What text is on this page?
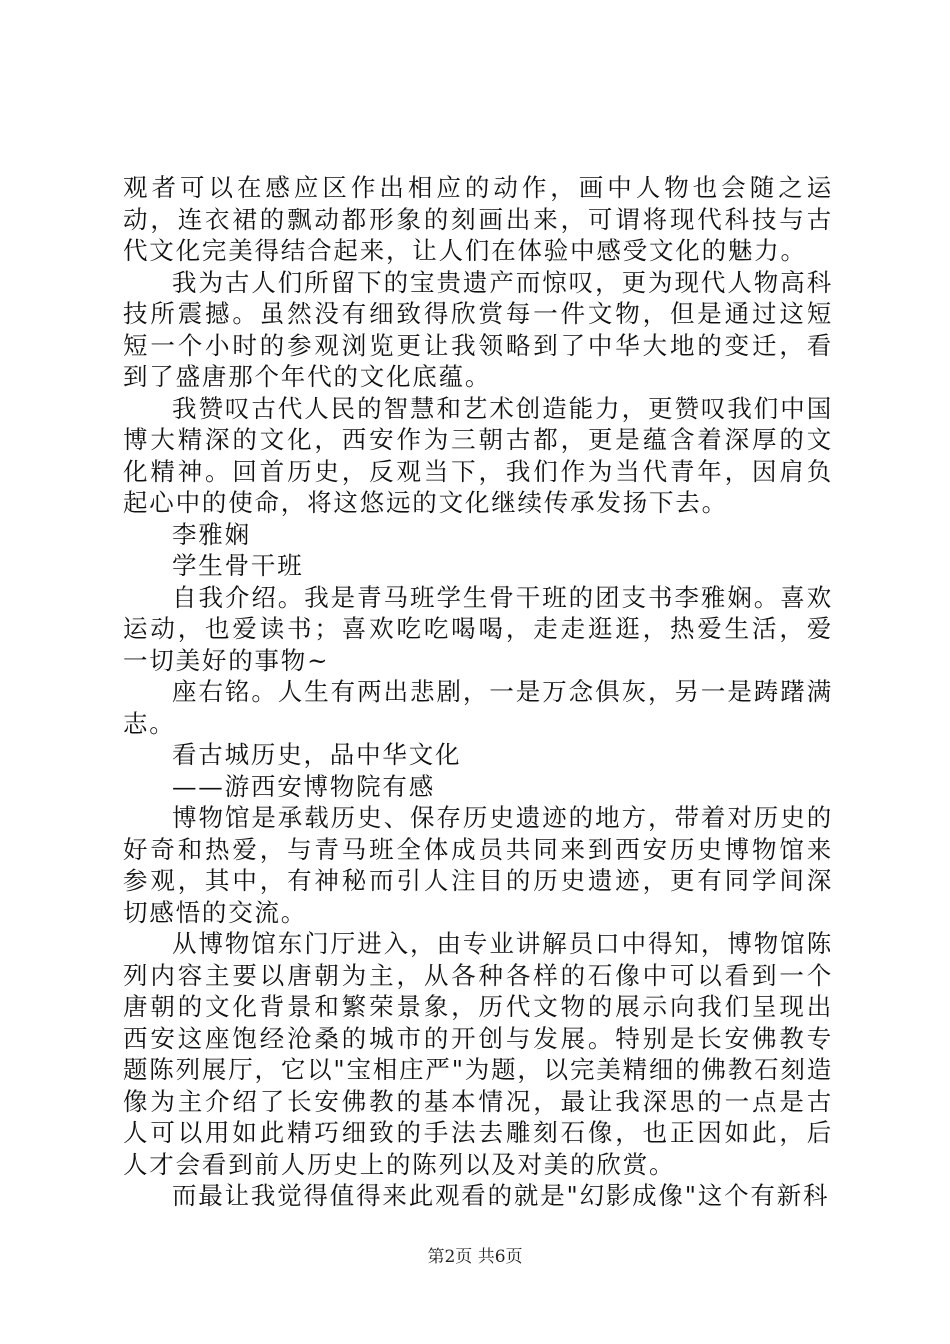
观者可以在感应区作出相应的动作，画中人物也会随之运动，连衣裙的飘动都形象的刻画出来，可谓将现代科技与古代文化完美得结合起来，让人们在体验中感受文化的魅力。

我为古人们所留下的宝贵遗产而惊叹，更为现代人物高科技所震撼。虽然没有细致得欣赏每一件文物，但是通过这短短一个小时的参观浏览更让我领略到了中华大地的变迁，看到了盛唐那个年代的文化底蕴。

我赞叹古代人民的智慧和艺术创造能力，更赞叹我们中国博大精深的文化，西安作为三朝古都，更是蕴含着深厚的文化精神。回首历史，反观当下，我们作为当代青年，因肩负起心中的使命，将这悠远的文化继续传承发扬下去。

李雅娴

学生骨干班

自我介绍。我是青马班学生骨干班的团支书李雅娴。喜欢运动，也爱读书；喜欢吃吃喝喝，走走逛逛，热爱生活，爱一切美好的事物~

座右铭。人生有两出悲剧，一是万念俱灰，另一是踌躇满志。

看古城历史，品中华文化

——游西安博物院有感

博物馆是承载历史、保存历史遗迹的地方，带着对历史的好奇和热爱，与青马班全体成员共同来到西安历史博物馆来参观，其中，有神秘而引人注目的历史遗迹，更有同学间深切感悟的交流。

从博物馆东门厅进入，由专业讲解员口中得知，博物馆陈列内容主要以唐朝为主，从各种各样的石像中可以看到一个唐朝的文化背景和繁荣景象，历代文物的展示向我们呈现出西安这座饱经沧桑的城市的开创与发展。特别是长安佛教专题陈列展厅，它以"宝相庄严"为题，以完美精细的佛教石刻造像为主介绍了长安佛教的基本情况，最让我深思的一点是古人可以用如此精巧细致的手法去雕刻石像，也正因如此，后人才会看到前人历史上的陈列以及对美的欣赏。

而最让我觉得值得来此观看的就是"幻影成像"这个有新科

第2页 共6页
